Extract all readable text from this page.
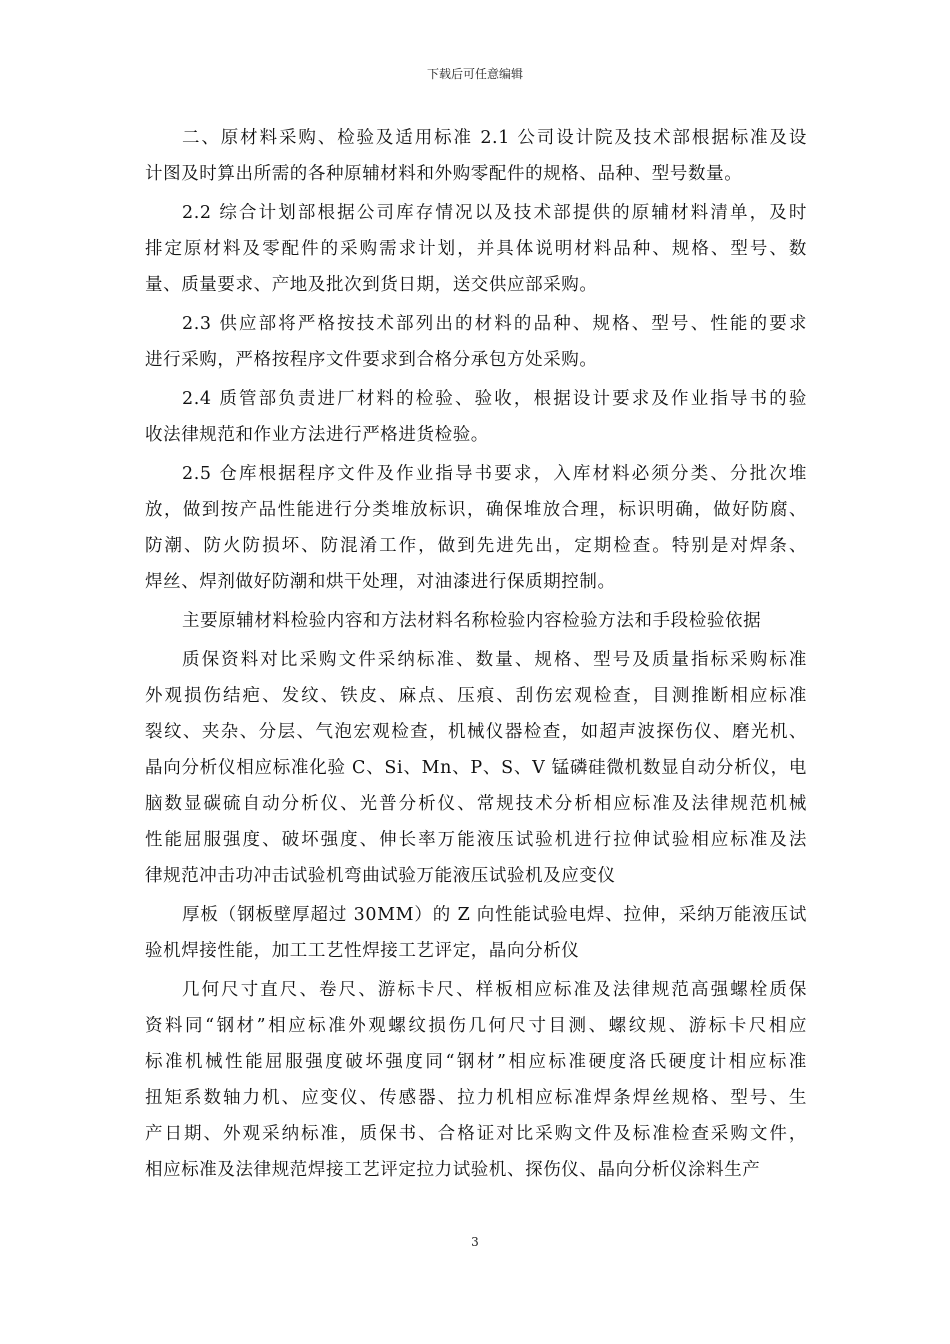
下载后可任意编辑
二、原材料采购、检验及适用标准 2.1 公司设计院及技术部根据标准及设
计图及时算出所需的各种原辅材料和外购零配件的规格、品种、型号数量。
2.2 综合计划部根据公司库存情况以及技术部提供的原辅材料清单，及时
排定原材料及零配件的采购需求计划，并具体说明材料品种、规格、型号、数
量、质量要求、产地及批次到货日期，送交供应部采购。
2.3 供应部将严格按技术部列出的材料的品种、规格、型号、性能的要求
进行采购，严格按程序文件要求到合格分承包方处采购。
2.4 质管部负责进厂材料的检验、验收，根据设计要求及作业指导书的验
收法律规范和作业方法进行严格进货检验。
2.5 仓库根据程序文件及作业指导书要求，入库材料必须分类、分批次堆
放，做到按产品性能进行分类堆放标识，确保堆放合理，标识明确，做好防腐、
防潮、防火防损坏、防混淆工作，做到先进先出，定期检查。特别是对焊条、
焊丝、焊剂做好防潮和烘干处理，对油漆进行保质期控制。
主要原辅材料检验内容和方法材料名称检验内容检验方法和手段检验依据
质保资料对比采购文件采纳标准、数量、规格、型号及质量指标采购标准
外观损伤结疤、发纹、铁皮、麻点、压痕、刮伤宏观检查，目测推断相应标准
裂纹、夹杂、分层、气泡宏观检查，机械仪器检查，如超声波探伤仪、磨光机、
晶向分析仪相应标准化验 C、Si、Mn、P、S、V 锰磷硅微机数显自动分析仪，电
脑数显碳硫自动分析仪、光普分析仪、常规技术分析相应标准及法律规范机械
性能屈服强度、破坏强度、伸长率万能液压试验机进行拉伸试验相应标准及法
律规范冲击功冲击试验机弯曲试验万能液压试验机及应变仪
厚板（钢板壁厚超过 30MM）的 Z 向性能试验电焊、拉伸，采纳万能液压试
验机焊接性能，加工工艺性焊接工艺评定，晶向分析仪
几何尺寸直尺、卷尺、游标卡尺、样板相应标准及法律规范高强螺栓质保
资料同“钢材”相应标准外观螺纹损伤几何尺寸目测、螺纹规、游标卡尺相应
标准机械性能屈服强度破坏强度同“钢材”相应标准硬度洛氏硬度计相应标准
扭矩系数轴力机、应变仪、传感器、拉力机相应标准焊条焊丝规格、型号、生
产日期、外观采纳标准，质保书、合格证对比采购文件及标准检查采购文件，
相应标准及法律规范焊接工艺评定拉力试验机、探伤仪、晶向分析仪涂料生产
3
